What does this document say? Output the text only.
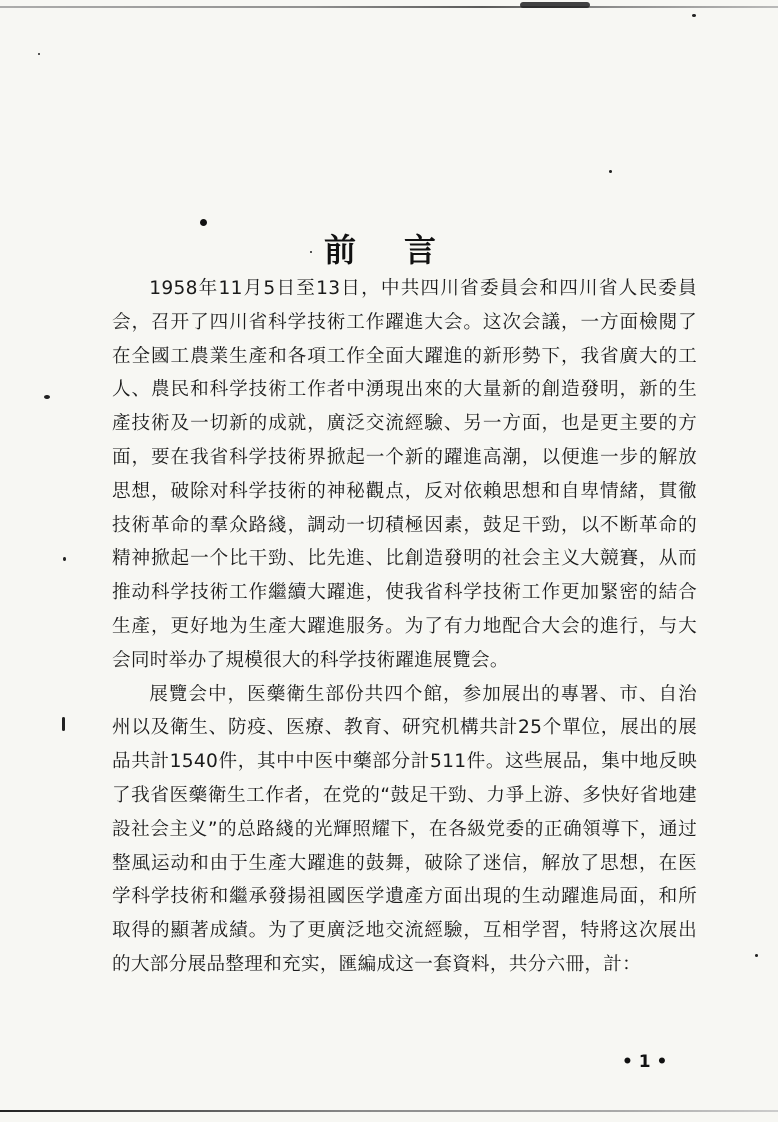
前言

1958年11月5日至13日，中共四川省委員会和四川省人民委員会，召开了四川省科学技術工作躍進大会。这次会議，一方面檢閱了在全國工農業生產和各項工作全面大躍進的新形勢下，我省廣大的工人、農民和科学技術工作者中湧現出來的大量新的創造發明，新的生產技術及一切新的成就，廣泛交流經驗、另一方面，也是更主要的方面，要在我省科学技術界掀起一个新的躍進高潮，以便進一步的解放思想，破除对科学技術的神秘觀点，反对依賴思想和自卑情緒，貫徹技術革命的羣众路綫，調动一切積極因素，鼓足干勁，以不断革命的精神掀起一个比干勁、比先進、比創造發明的社会主义大競賽，从而推动科学技術工作繼續大躍進，使我省科学技術工作更加緊密的結合生產，更好地为生產大躍進服务。为了有力地配合大会的進行，与大会同时举办了規模很大的科学技術躍進展覽会。

展覽会中，医藥衛生部份共四个館，参加展出的專署、市、自治州以及衛生、防疫、医療、教育、研究机構共計25个單位，展出的展品共計1540件，其中中医中藥部分計511件。这些展品，集中地反映了我省医藥衛生工作者，在党的“鼓足干勁、力爭上游、多快好省地建設社会主义”的总路綫的光輝照耀下，在各級党委的正确領導下，通过整風运动和由于生產大躍進的鼓舞，破除了迷信，解放了思想，在医学科学技術和繼承發揚祖國医学遺產方面出現的生动躍進局面，和所取得的顯著成績。为了更廣泛地交流經驗，互相学習，特將这次展出的大部分展品整理和充实，匯編成这一套資料，共分六冊，計：

• 1 •
